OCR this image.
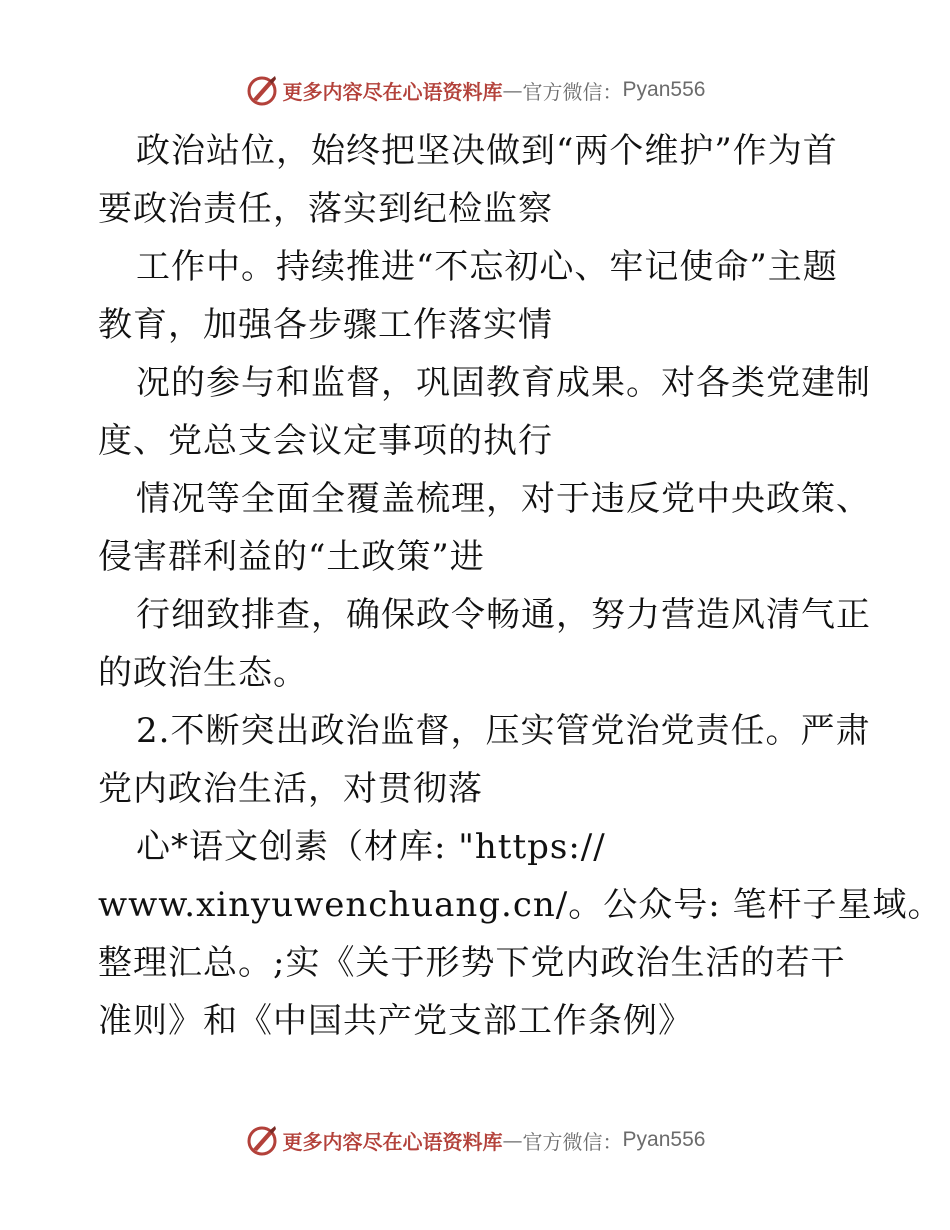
更多内容尽在心语资料库 — 官方微信： Pyan556
政治站位，始终把坚决做到“两个维护”作为首
要政治责任，落实到纪检监察
工作中。持续推进“不忘初心、牢记使命”主题
教育，加强各步骤工作落实情
况的参与和监督，巩固教育成果。对各类党建制
度、党总支会议定事项的执行
情况等全面全覆盖梳理，对于违反党中央政策、
侵害群利益的“土政策”进
行细致排查，确保政令畅通，努力营造风清气正
的政治生态。
2.不断突出政治监督，压实管党治党责任。严肃
党内政治生活，对贯彻落
心*语文创素（材库: "https://
www.xinyuwenchuang.cn/。公众号: 笔杆子星域。
整理汇总。;实《关于形势下党内政治生活的若干
准则》和《中国共产党支部工作条例》
更多内容尽在心语资料库 — 官方微信： Pyan556
